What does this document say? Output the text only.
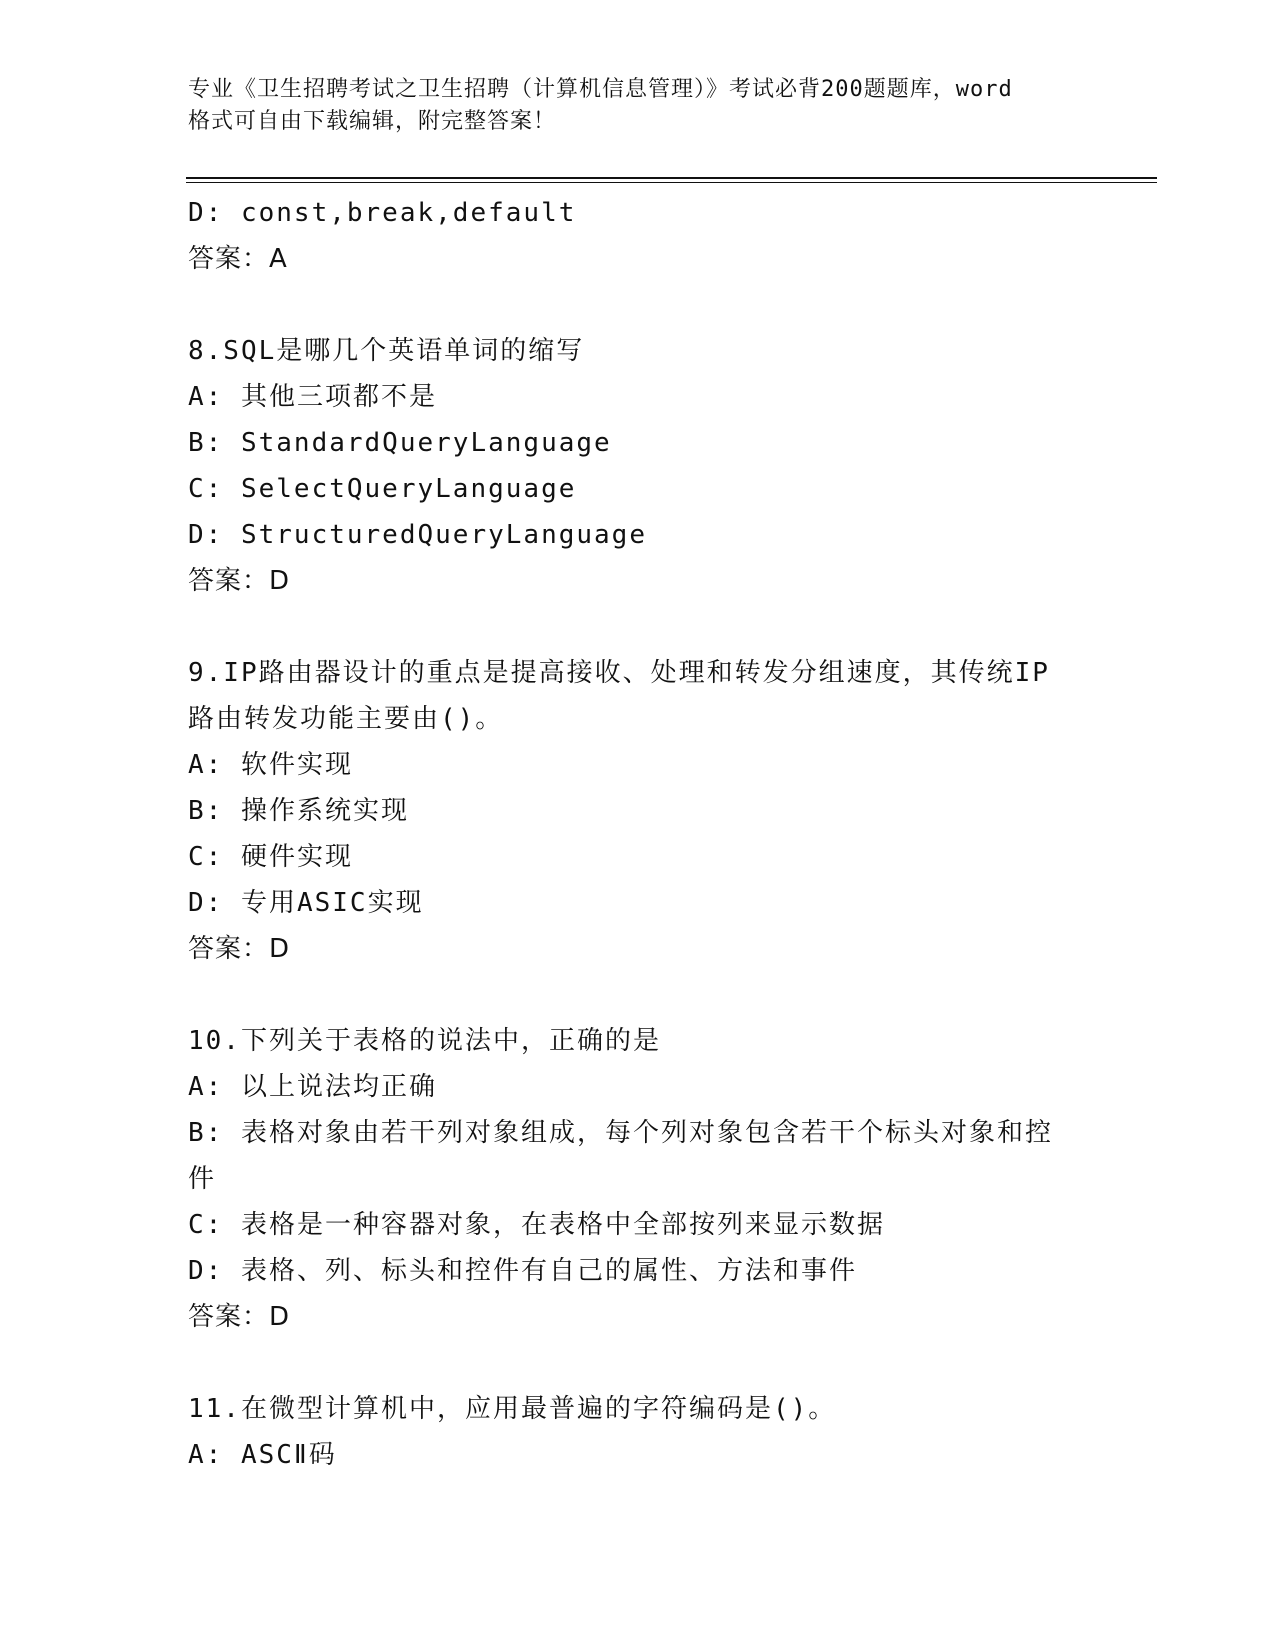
专业《卫生招聘考试之卫生招聘（计算机信息管理）》考试必背200题题库，word
格式可自由下载编辑，附完整答案！
D: const,break,default
答案：A
8.SQL是哪几个英语单词的缩写
A: 其他三项都不是
B: StandardQueryLanguage
C: SelectQueryLanguage
D: StructuredQueryLanguage
答案：D
9.IP路由器设计的重点是提高接收、处理和转发分组速度，其传统IP
路由转发功能主要由()。
A: 软件实现
B: 操作系统实现
C: 硬件实现
D: 专用ASIC实现
答案：D
10.下列关于表格的说法中，正确的是
A: 以上说法均正确
B: 表格对象由若干列对象组成，每个列对象包含若干个标头对象和控
件
C: 表格是一种容器对象，在表格中全部按列来显示数据
D: 表格、列、标头和控件有自己的属性、方法和事件
答案：D
11.在微型计算机中，应用最普遍的字符编码是()。
A: ASCⅡ码
